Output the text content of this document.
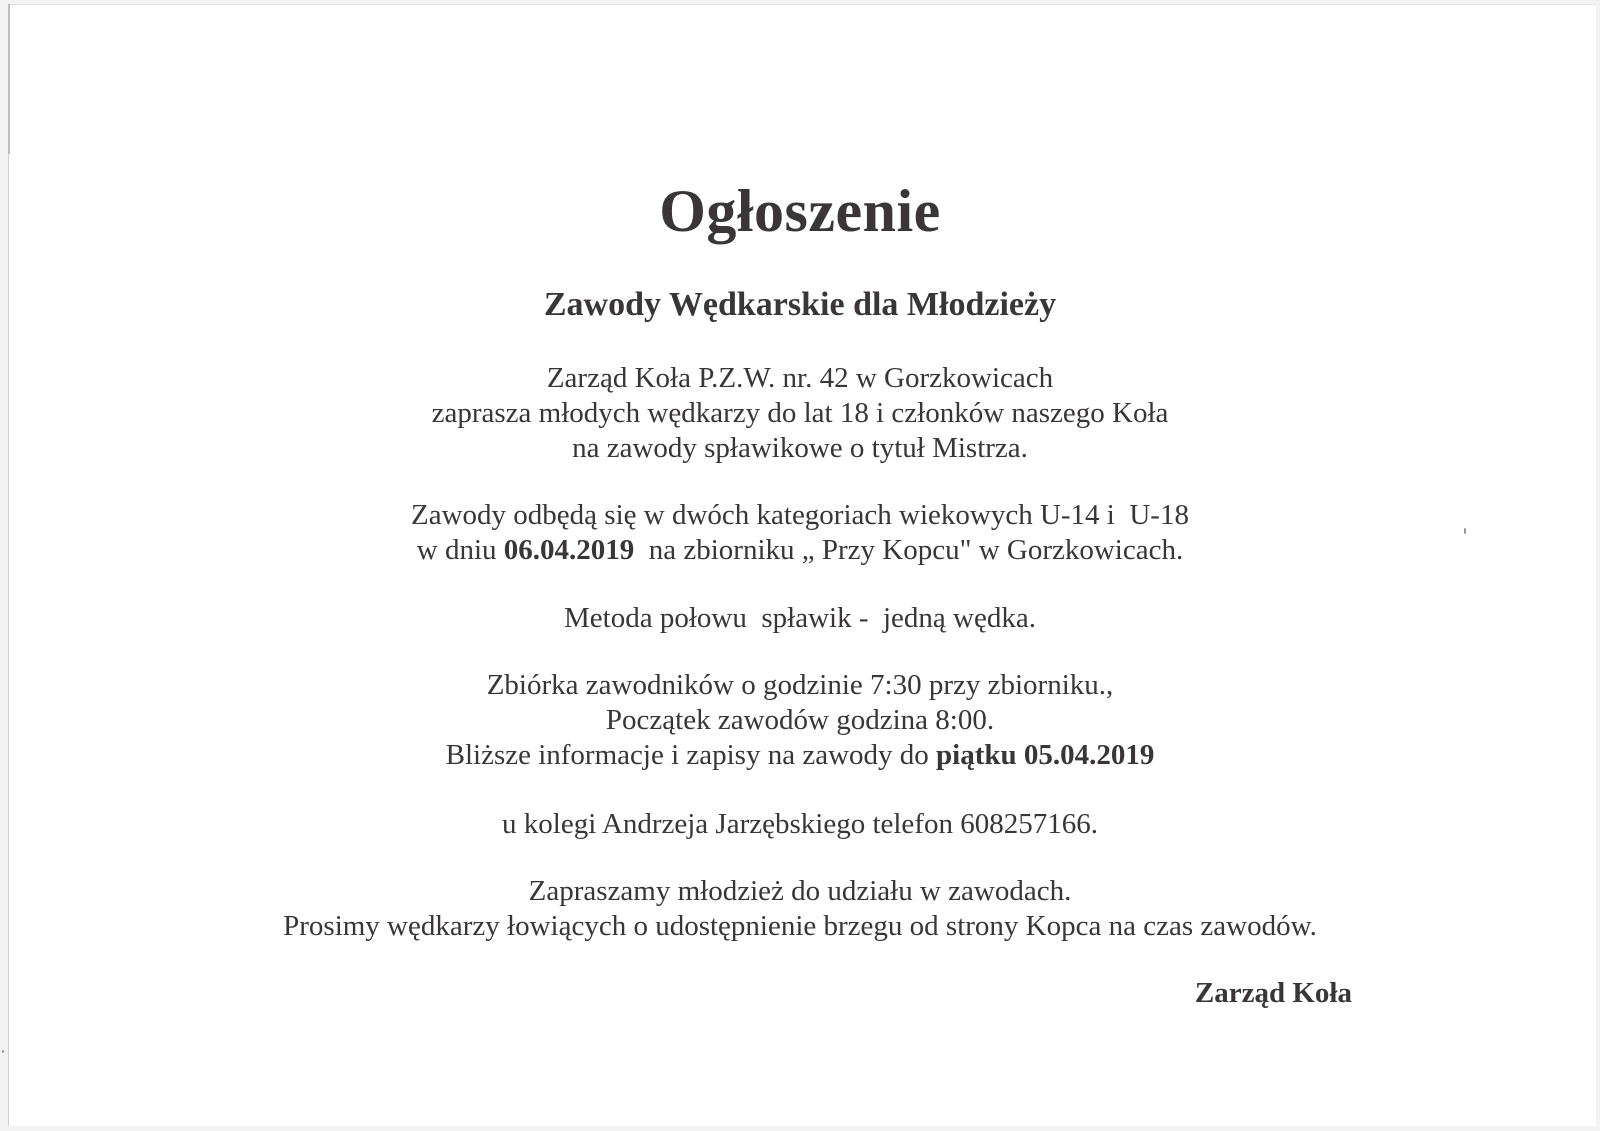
Ogłoszenie
Zawody Wędkarskie dla Młodzieży
Zarząd Koła P.Z.W. nr. 42 w Gorzkowicach
zaprasza młodych wędkarzy do lat 18 i członków naszego Koła
na zawody spławikowe o tytuł Mistrza.
Zawody odbędą się w dwóch kategoriach wiekowych U-14 i  U-18
w dniu 06.04.2019  na zbiorniku „ Przy Kopcu" w Gorzkowicach.
Metoda połowu  spławik -  jedną wędka.
Zbiórka zawodników o godzinie 7:30 przy zbiorniku.,
Początek zawodów godzina 8:00.
Bliższe informacje i zapisy na zawody do piątku 05.04.2019
u kolegi Andrzeja Jarzębskiego telefon 608257166.
Zapraszamy młodzież do udziału w zawodach.
Prosimy wędkarzy łowiących o udostępnienie brzegu od strony Kopca na czas zawodów.
Zarząd Koła
